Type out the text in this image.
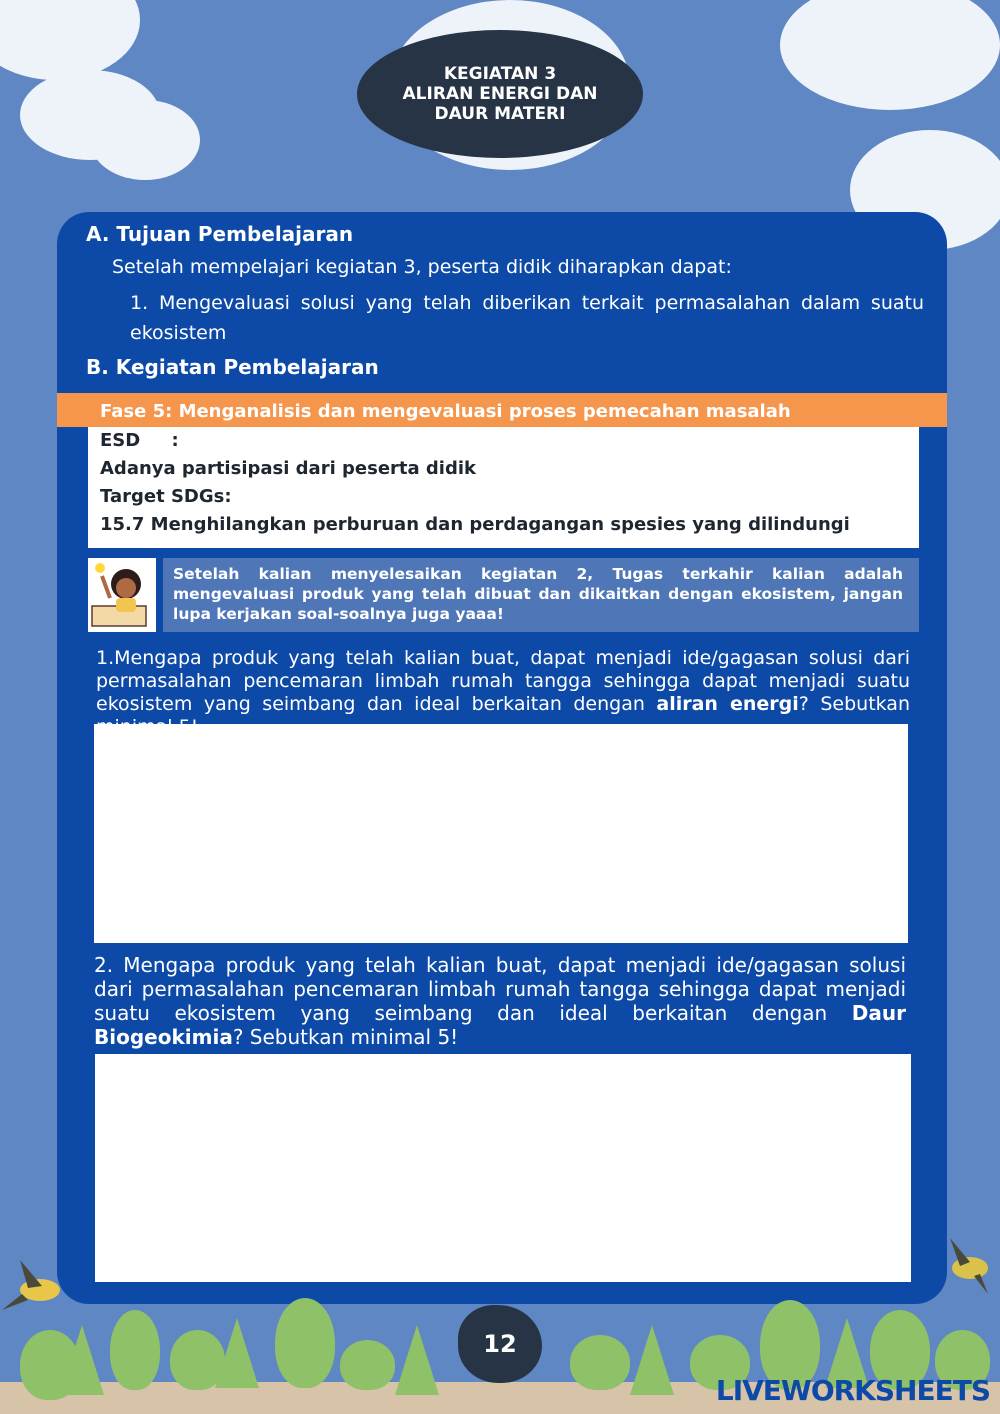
KEGIATAN 3
ALIRAN ENERGI DAN
DAUR MATERI
A. Tujuan Pembelajaran
Setelah mempelajari kegiatan 3, peserta didik diharapkan dapat:
1. Mengevaluasi solusi yang telah diberikan terkait permasalahan dalam suatu ekosistem
B. Kegiatan Pembelajaran
Fase 5: Menganalisis dan mengevaluasi proses pemecahan masalah
ESD     :
Adanya partisipasi dari peserta didik
Target SDGs:
15.7 Menghilangkan perburuan dan perdagangan spesies yang dilindungi
Setelah kalian menyelesaikan kegiatan 2, Tugas terkahir kalian adalah mengevaluasi produk yang telah dibuat dan dikaitkan dengan ekosistem, jangan lupa kerjakan soal-soalnya juga yaaa!
1.Mengapa produk yang telah kalian buat, dapat menjadi ide/gagasan solusi dari permasalahan pencemaran limbah rumah tangga sehingga dapat menjadi suatu ekosistem yang seimbang dan ideal berkaitan dengan aliran energi? Sebutkan
2. Mengapa produk yang telah kalian buat, dapat menjadi ide/gagasan solusi dari permasalahan pencemaran limbah rumah tangga sehingga dapat menjadi suatu ekosistem yang seimbang dan ideal berkaitan dengan Daur Biogeokimia? Sebutkan minimal 5!
12
LIVEWORKSHEETS
